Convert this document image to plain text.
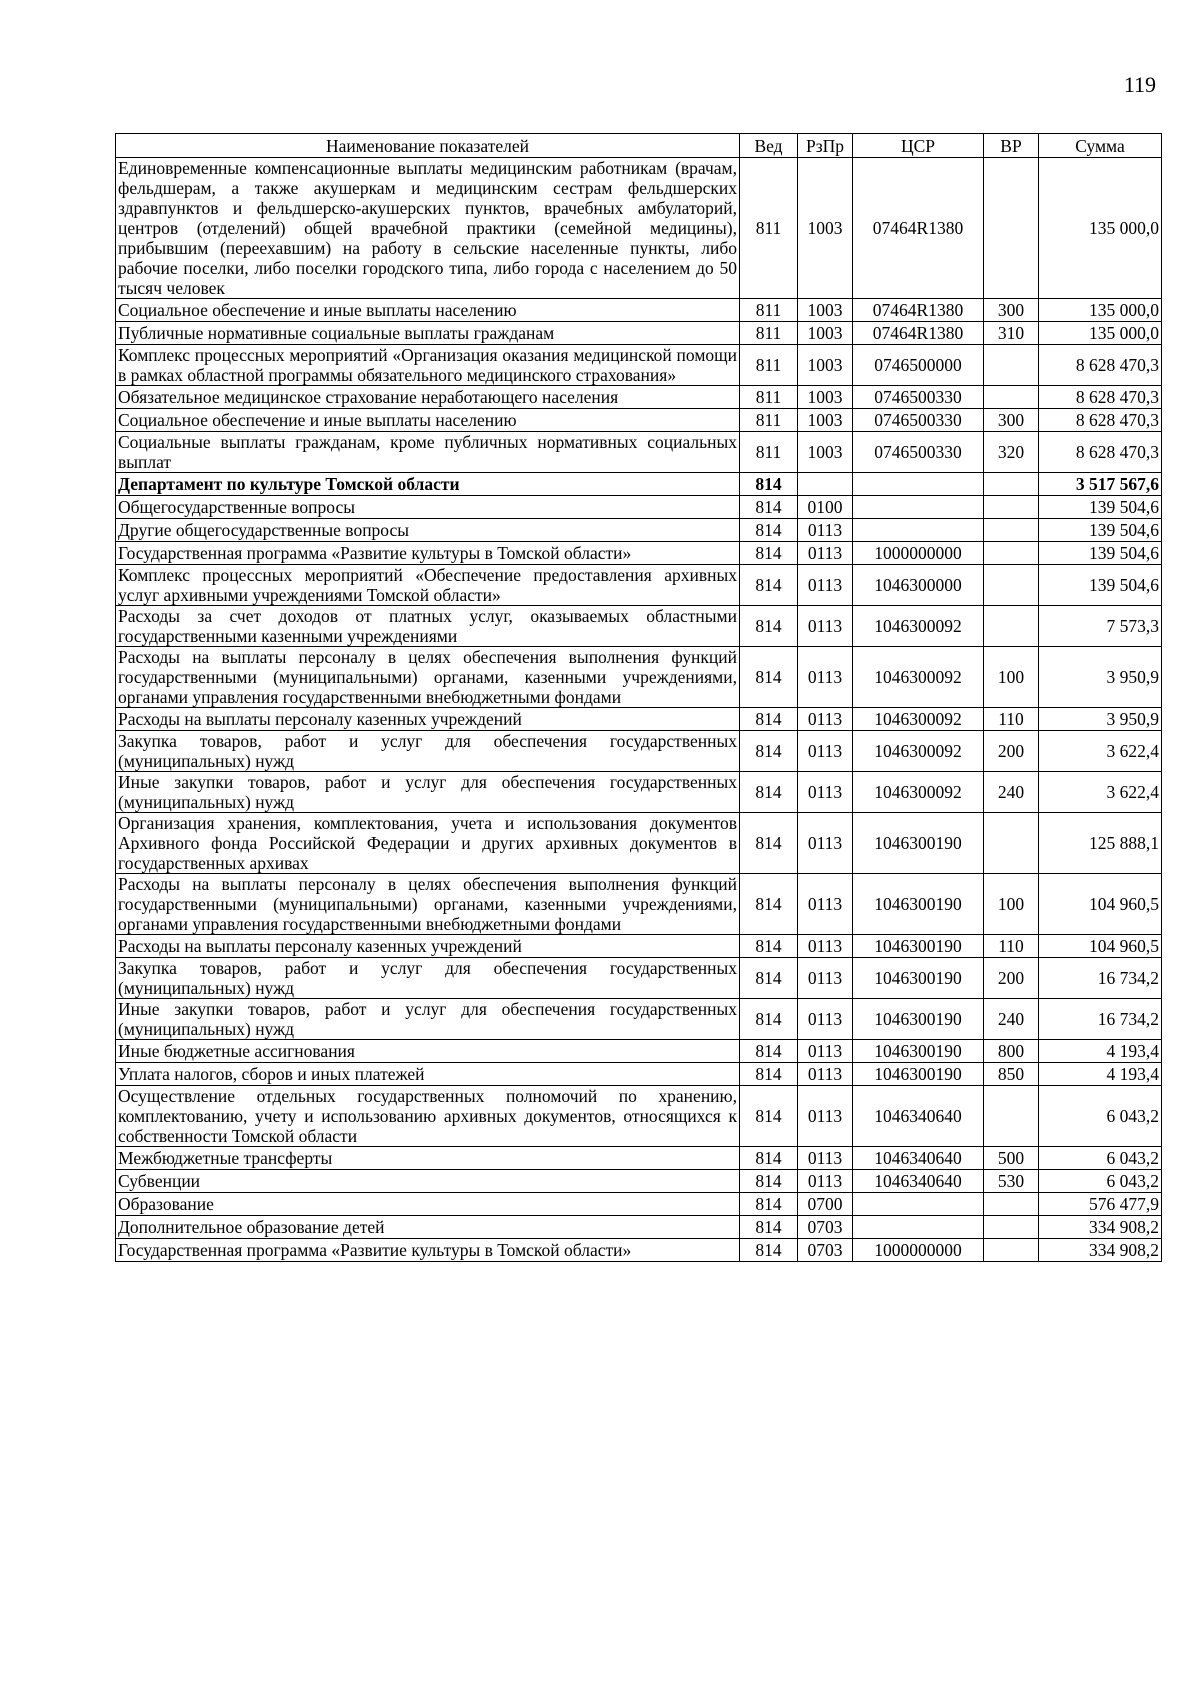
119
Наименование показателей	Вед	РзПр	ЦСР	ВР	Сумма
Единовременные компенсационные выплаты медицинским работникам (врачам, фельдшерам, а также акушеркам и медицинским сестрам фельдшерских здравпунктов и фельдшерско-акушерских пунктов, врачебных амбулаторий, центров (отделений) общей врачебной практики (семейной медицины), прибывшим (переехавшим) на работу в сельские населенные пункты, либо рабочие поселки, либо поселки городского типа, либо города с населением до 50 тысяч человек	811	1003	07464R1380		135 000,0
Социальное обеспечение и иные выплаты населению	811	1003	07464R1380	300	135 000,0
Публичные нормативные социальные выплаты гражданам	811	1003	07464R1380	310	135 000,0
Комплекс процессных мероприятий «Организация оказания медицинской помощи в рамках областной программы обязательного медицинского страхования»	811	1003	0746500000		8 628 470,3
Обязательное медицинское страхование неработающего населения	811	1003	0746500330		8 628 470,3
Социальное обеспечение и иные выплаты населению	811	1003	0746500330	300	8 628 470,3
Социальные выплаты гражданам, кроме публичных нормативных социальных выплат	811	1003	0746500330	320	8 628 470,3
Департамент по культуре Томской области	814				3 517 567,6
Общегосударственные вопросы	814	0100			139 504,6
Другие общегосударственные вопросы	814	0113			139 504,6
Государственная программа «Развитие культуры в Томской области»	814	0113	1000000000		139 504,6
Комплекс процессных мероприятий «Обеспечение предоставления архивных услуг архивными учреждениями Томской области»	814	0113	1046300000		139 504,6
Расходы за счет доходов от платных услуг, оказываемых областными государственными казенными учреждениями	814	0113	1046300092		7 573,3
Расходы на выплаты персоналу в целях обеспечения выполнения функций государственными (муниципальными) органами, казенными учреждениями, органами управления государственными внебюджетными фондами	814	0113	1046300092	100	3 950,9
Расходы на выплаты персоналу казенных учреждений	814	0113	1046300092	110	3 950,9
Закупка товаров, работ и услуг для обеспечения государственных (муниципальных) нужд	814	0113	1046300092	200	3 622,4
Иные закупки товаров, работ и услуг для обеспечения государственных (муниципальных) нужд	814	0113	1046300092	240	3 622,4
Организация хранения, комплектования, учета и использования документов Архивного фонда Российской Федерации и других архивных документов в государственных архивах	814	0113	1046300190		125 888,1
Расходы на выплаты персоналу в целях обеспечения выполнения функций государственными (муниципальными) органами, казенными учреждениями, органами управления государственными внебюджетными фондами	814	0113	1046300190	100	104 960,5
Расходы на выплаты персоналу казенных учреждений	814	0113	1046300190	110	104 960,5
Закупка товаров, работ и услуг для обеспечения государственных (муниципальных) нужд	814	0113	1046300190	200	16 734,2
Иные закупки товаров, работ и услуг для обеспечения государственных (муниципальных) нужд	814	0113	1046300190	240	16 734,2
Иные бюджетные ассигнования	814	0113	1046300190	800	4 193,4
Уплата налогов, сборов и иных платежей	814	0113	1046300190	850	4 193,4
Осуществление отдельных государственных полномочий по хранению, комплектованию, учету и использованию архивных документов, относящихся к собственности Томской области	814	0113	1046340640		6 043,2
Межбюджетные трансферты	814	0113	1046340640	500	6 043,2
Субвенции	814	0113	1046340640	530	6 043,2
Образование	814	0700			576 477,9
Дополнительное образование детей	814	0703			334 908,2
Государственная программа «Развитие культуры в Томской области»	814	0703	1000000000		334 908,2
